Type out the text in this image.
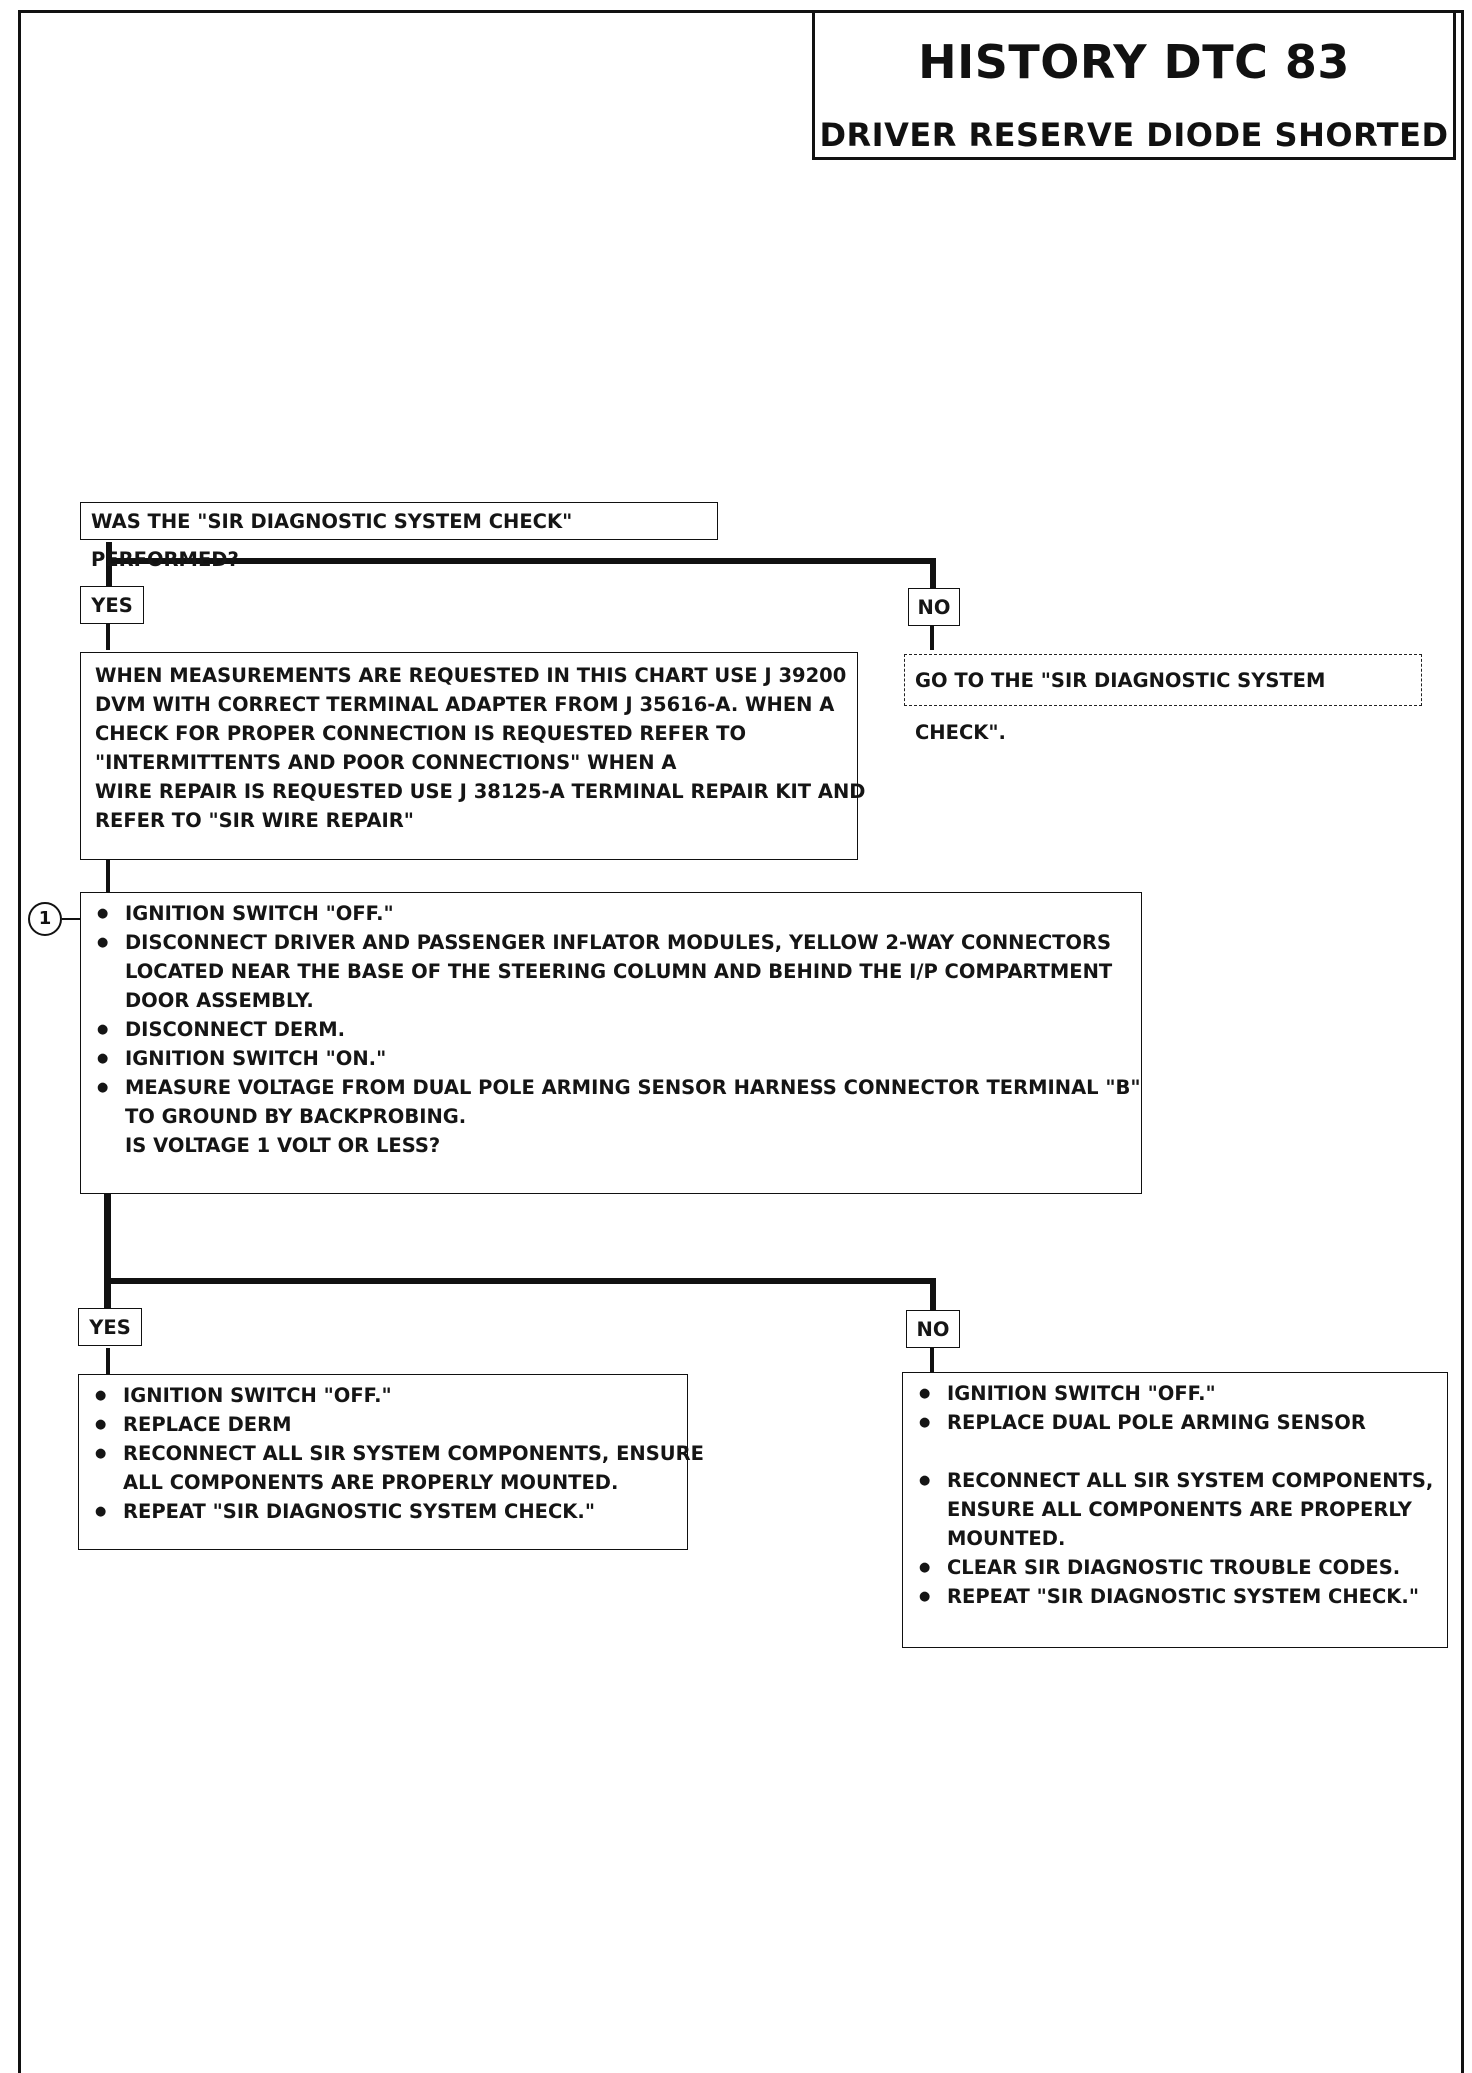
HISTORY DTC 83
DRIVER RESERVE DIODE SHORTED
WAS THE "SIR DIAGNOSTIC SYSTEM CHECK" PERFORMED?
YES	NO
GO TO THE "SIR DIAGNOSTIC SYSTEM CHECK".
WHEN MEASUREMENTS ARE REQUESTED IN THIS CHART USE J 39200
DVM WITH CORRECT TERMINAL ADAPTER FROM J 35616-A. WHEN A
CHECK FOR PROPER CONNECTION IS REQUESTED REFER TO
"INTERMITTENTS AND POOR CONNECTIONS" WHEN A
WIRE REPAIR IS REQUESTED USE J 38125-A TERMINAL REPAIR KIT AND
REFER TO "SIR WIRE REPAIR"
1
●	IGNITION SWITCH "OFF."
● DISCONNECT DRIVER AND PASSENGER INFLATOR MODULES, YELLOW 2-WAY CONNECTORS
LOCATED NEAR THE BASE OF THE STEERING COLUMN AND BEHIND THE I/P COMPARTMENT
DOOR ASSEMBLY.
● DISCONNECT DERM.
● IGNITION SWITCH "ON."
● MEASURE VOLTAGE FROM DUAL POLE ARMING SENSOR HARNESS CONNECTOR TERMINAL "B"
TO GROUND BY BACKPROBING.
IS VOLTAGE 1 VOLT OR LESS?
YES	NO
● IGNITION SWITCH "OFF."
● REPLACE DERM
● RECONNECT ALL SIR SYSTEM COMPONENTS, ENSURE
ALL COMPONENTS ARE PROPERLY MOUNTED.
● REPEAT "SIR DIAGNOSTIC SYSTEM CHECK."
● IGNITION SWITCH "OFF."
● REPLACE DUAL POLE ARMING SENSOR
● RECONNECT ALL SIR SYSTEM COMPONENTS,
ENSURE ALL COMPONENTS ARE PROPERLY
MOUNTED.
● CLEAR SIR DIAGNOSTIC TROUBLE CODES.
● REPEAT "SIR DIAGNOSTIC SYSTEM CHECK."
